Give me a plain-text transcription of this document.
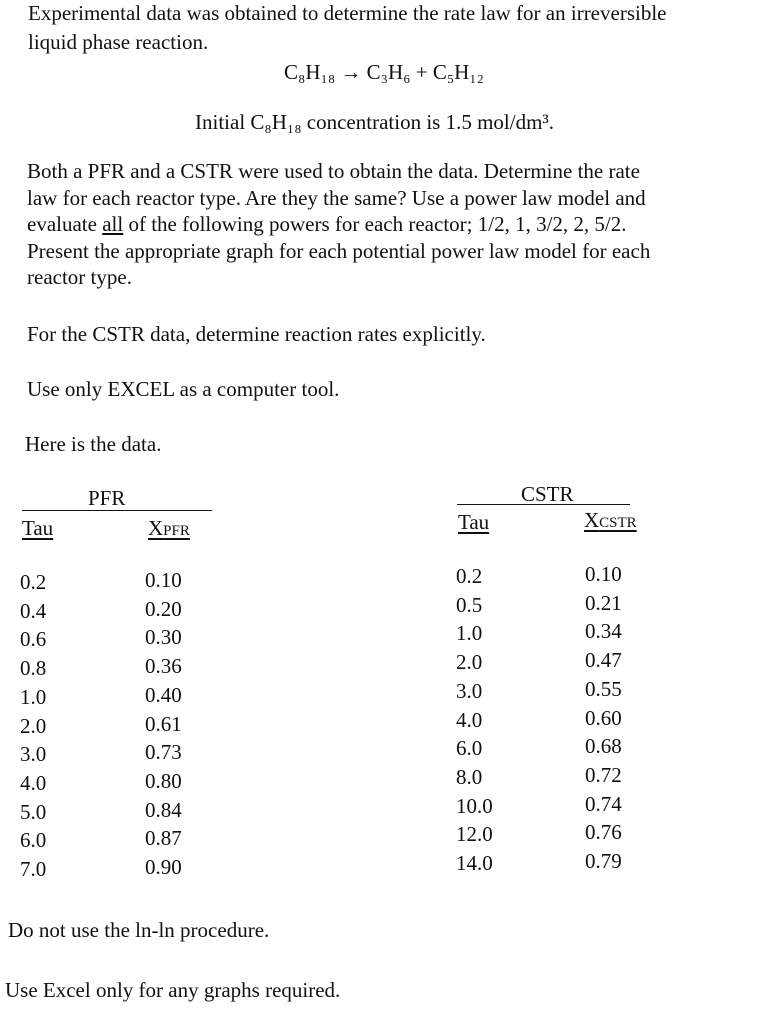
Experimental data was obtained to determine the rate law for an irreversible
liquid phase reaction.
C₈H₁₈ → C₃H₆ + C₅H₁₂
Initial C₈H₁₈ concentration is 1.5 mol/dm³.
Both a PFR and a CSTR were used to obtain the data. Determine the rate
law for each reactor type. Are they the same? Use a power law model and
evaluate all of the following powers for each reactor; 1/2, 1, 3/2, 2, 5/2.
Present the appropriate graph for each potential power law model for each
reactor type.
For the CSTR data, determine reaction rates explicitly.
Use only EXCEL as a computer tool.
Here is the data.
PFR
Tau	XPFR
0.2
0.4
0.6
0.8
1.0
2.0
3.0
4.0
5.0
6.0
7.0
0.10
0.20
0.30
0.36
0.40
0.61
0.73
0.80
0.84
0.87
0.90
CSTR
Tau	XCSTR
0.2
0.5
1.0
2.0
3.0
4.0
6.0
8.0
10.0
12.0
14.0
0.10
0.21
0.34
0.47
0.55
0.60
0.68
0.72
0.74
0.76
0.79
Do not use the ln-ln procedure.
Use Excel only for any graphs required.
